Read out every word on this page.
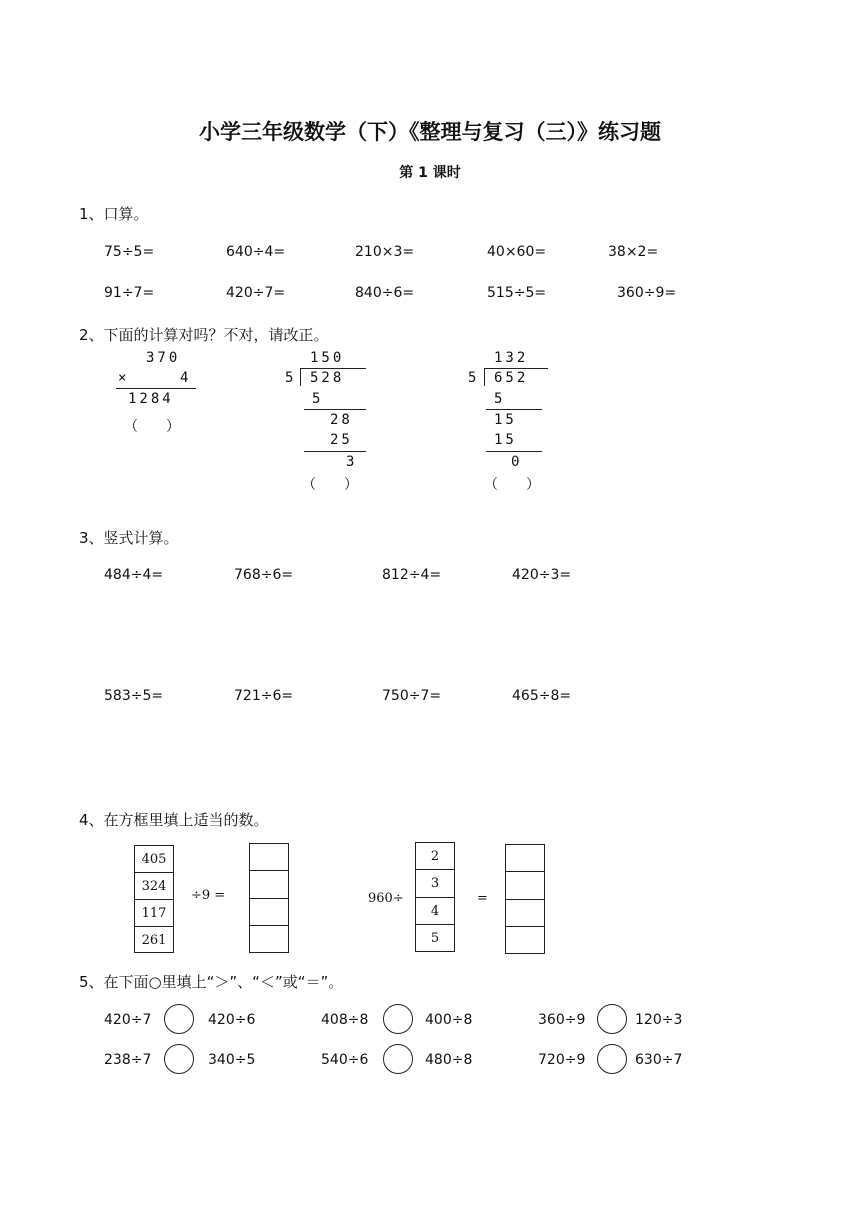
小学三年级数学（下）《整理与复习（三）》练习题
第 1 课时
1、口算。
75÷5=	640÷4=	210×3=	40×60=	38×2=
91÷7=	420÷7=	840÷6=	515÷5=	360÷9=
2、下面的计算对吗？不对，请改正。
370
×	4
1284
（　　）
150
5 528
5
28
25
3
（　　）
132
5 652
5
15
15
0
（　　）
3、竖式计算。
484÷4=	768÷6=	812÷4=	420÷3=
583÷5=	721÷6=	750÷7=	465÷8=
4、在方框里填上适当的数。
405
324
117
261
÷9 =	960÷
2
3
4
5
=
5、在下面○里填上“＞”、“＜”或“＝”。
420÷7	420÷6	408÷8	400÷8	360÷9	120÷3
238÷7	340÷5	540÷6	480÷8	720÷9	630÷7
